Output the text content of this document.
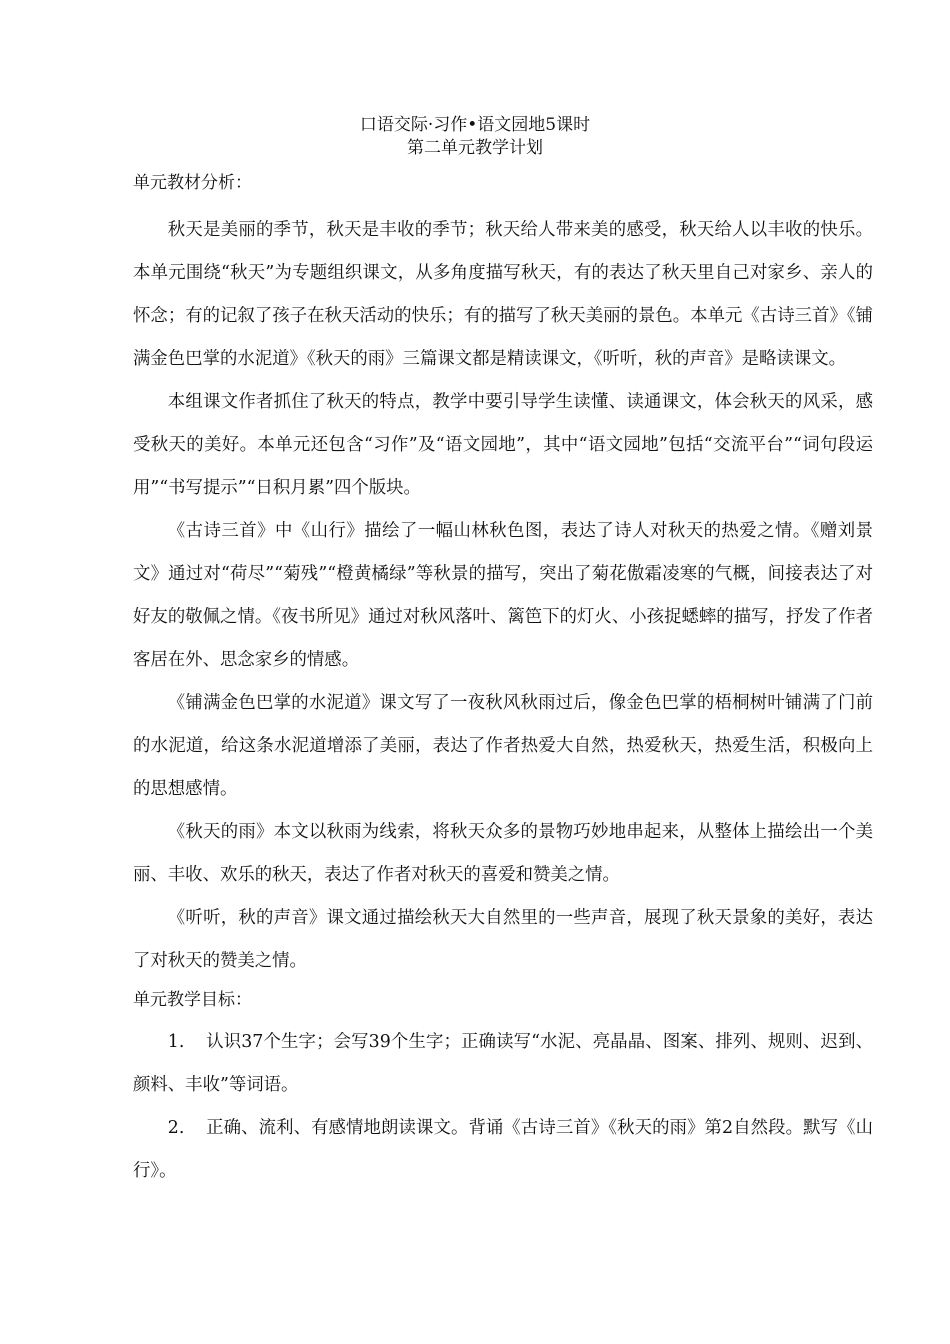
口语交际·习作•语文园地5课时
第二单元教学计划
单元教材分析：

秋天是美丽的季节，秋天是丰收的季节；秋天给人带来美的感受，秋天给人以丰收的快乐。本单元围绕“秋天”为专题组织课文，从多角度描写秋天，有的表达了秋天里自己对家乡、亲人的怀念；有的记叙了孩子在秋天活动的快乐；有的描写了秋天美丽的景色。本单元《古诗三首》《铺满金色巴掌的水泥道》《秋天的雨》三篇课文都是精读课文，《听听，秋的声音》是略读课文。

本组课文作者抓住了秋天的特点，教学中要引导学生读懂、读通课文，体会秋天的风采，感受秋天的美好。本单元还包含“习作”及“语文园地”，其中“语文园地”包括“交流平台”“词句段运用”“书写提示”“日积月累”四个版块。

《古诗三首》中《山行》描绘了一幅山林秋色图，表达了诗人对秋天的热爱之情。《赠刘景文》通过对“荷尽”“菊残”“橙黄橘绿”等秋景的描写，突出了菊花傲霜凌寒的气概，间接表达了对好友的敬佩之情。《夜书所见》通过对秋风落叶、篱笆下的灯火、小孩捉蟋蟀的描写，抒发了作者客居在外、思念家乡的情感。

《铺满金色巴掌的水泥道》课文写了一夜秋风秋雨过后，像金色巴掌的梧桐树叶铺满了门前的水泥道，给这条水泥道增添了美丽，表达了作者热爱大自然，热爱秋天，热爱生活，积极向上的思想感情。

《秋天的雨》本文以秋雨为线索，将秋天众多的景物巧妙地串起来，从整体上描绘出一个美丽、丰收、欢乐的秋天，表达了作者对秋天的喜爱和赞美之情。

《听听，秋的声音》课文通过描绘秋天大自然里的一些声音，展现了秋天景象的美好，表达了对秋天的赞美之情。

单元教学目标：

1. 认识37个生字；会写39个生字；正确读写“水泥、亮晶晶、图案、排列、规则、迟到、颜料、丰收”等词语。

2. 正确、流利、有感情地朗读课文。背诵《古诗三首》《秋天的雨》第2自然段。默写《山行》。
